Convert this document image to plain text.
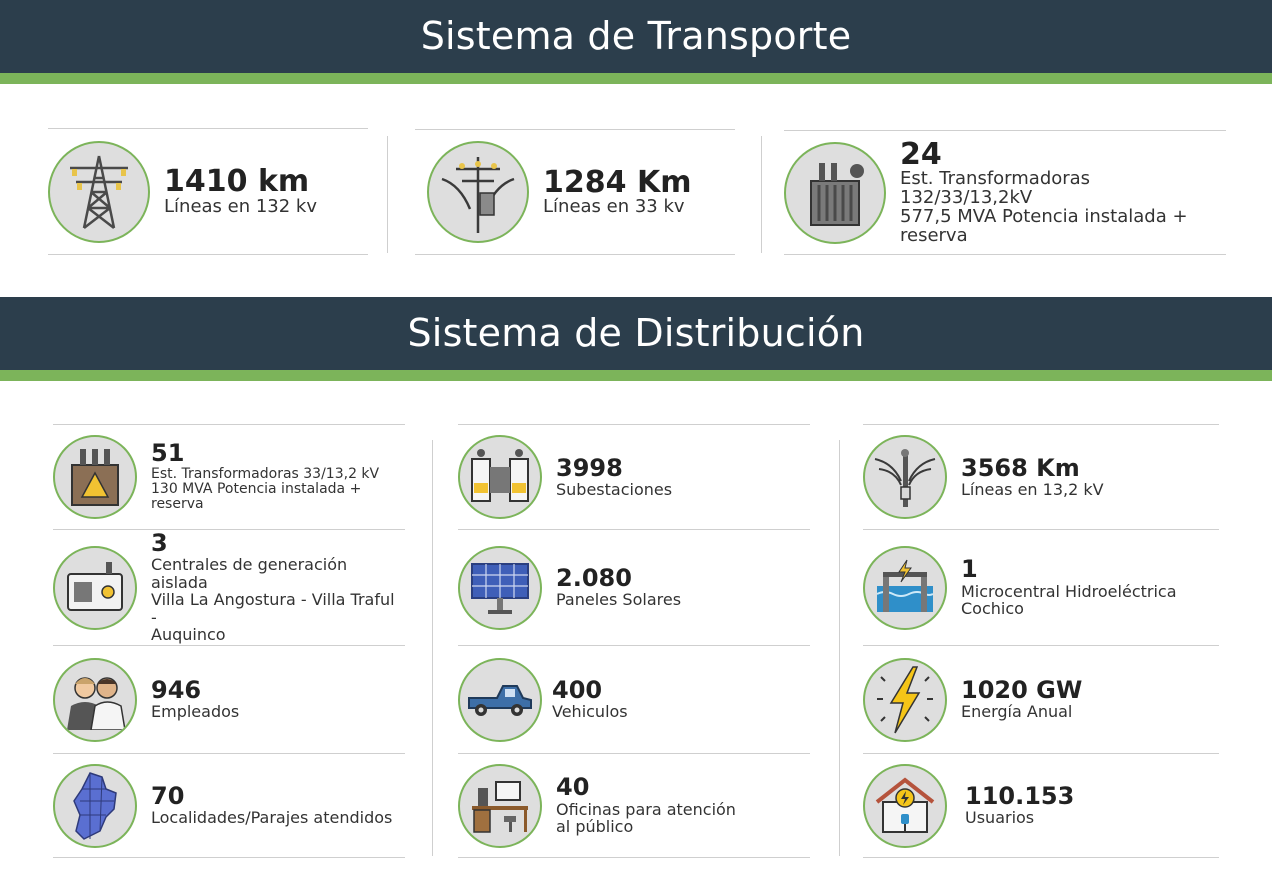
Sistema de Transporte
1410 km
Líneas en 132 kv
1284 Km
Líneas en 33 kv
24
Est. Transformadoras 132/33/13,2kV
577,5 MVA Potencia instalada + reserva
Sistema de Distribución
51
Est. Transformadoras 33/13,2 kV
130 MVA Potencia instalada + reserva
3
Centrales de generación aislada
Villa La Angostura - Villa Traful -
Auquinco
946
Empleados
70
Localidades/Parajes atendidos
3998
Subestaciones
2.080
Paneles Solares
400
Vehiculos
40
Oficinas para atención
al público
3568 Km
Líneas en 13,2 kV
1
Microcentral Hidroeléctrica
Cochico
1020 GW
Energía Anual
110.153
Usuarios
